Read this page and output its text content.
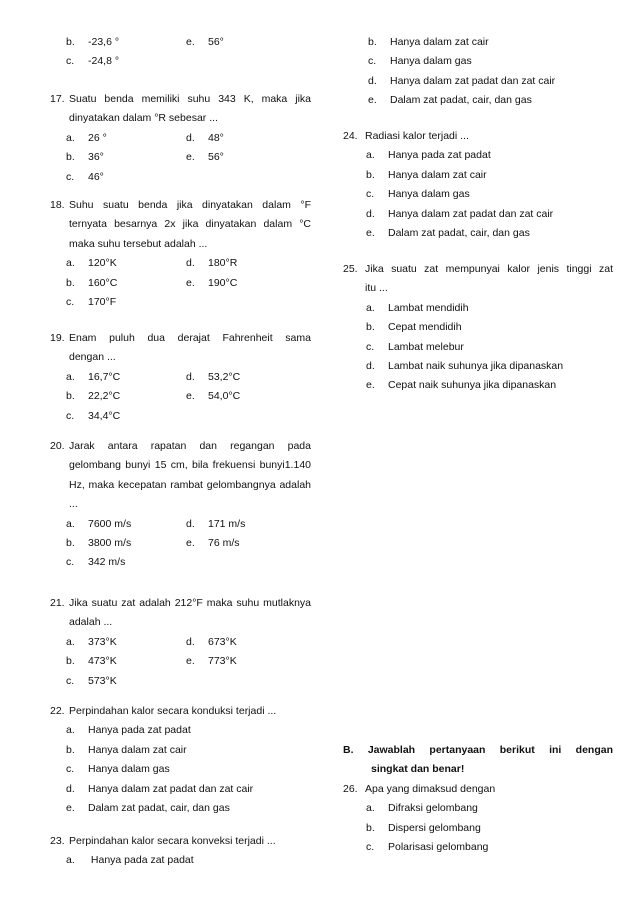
b. -23,6 °	e. 56°
c. -24,8 °
17. Suatu benda memiliki suhu 343 K, maka jika
dinyatakan dalam °R sebesar ...
a. 26 °	d. 48°
b. 36°	e. 56°
c. 46°
18. Suhu suatu benda jika dinyatakan dalam °F
ternyata besarnya 2x jika dinyatakan dalam °C
maka suhu tersebut adalah ...
a. 120°K	d. 180°R
b. 160°C	e. 190°C
c. 170°F
19. Enam puluh dua derajat Fahrenheit sama
dengan ...
a. 16,7°C	d. 53,2°C
b. 22,2°C	e. 54,0°C
c. 34,4°C
20. Jarak antara rapatan dan regangan pada
gelombang bunyi 15 cm, bila frekuensi bunyi1.140
Hz, maka kecepatan rambat gelombangnya adalah
...
a. 7600 m/s	d. 171 m/s
b. 3800 m/s	e. 76 m/s
c. 342 m/s
21. Jika suatu zat adalah 212°F maka suhu mutlaknya
adalah ...
a. 373°K	d. 673°K
b. 473°K	e. 773°K
c. 573°K
22. Perpindahan kalor secara konduksi terjadi ...
a. Hanya pada zat padat
b. Hanya dalam zat cair
c. Hanya dalam gas
d. Hanya dalam zat padat dan zat cair
e. Dalam zat padat, cair, dan gas
23. Perpindahan kalor secara konveksi terjadi ...
a. Hanya pada zat padat
b. Hanya dalam zat cair
c. Hanya dalam gas
d. Hanya dalam zat padat dan zat cair
e. Dalam zat padat, cair, dan gas
24. Radiasi kalor terjadi ...
a. Hanya pada zat padat
b. Hanya dalam zat cair
c. Hanya dalam gas
d. Hanya dalam zat padat dan zat cair
e. Dalam zat padat, cair, dan gas
25. Jika suatu zat mempunyai kalor jenis tinggi zat
itu ...
a. Lambat mendidih
b. Cepat mendidih
c. Lambat melebur
d. Lambat naik suhunya jika dipanaskan
e. Cepat naik suhunya jika dipanaskan
B. Jawablah pertanyaan berikut ini dengan
singkat dan benar!
26. Apa yang dimaksud dengan
a. Difraksi gelombang
b. Dispersi gelombang
c. Polarisasi gelombang
